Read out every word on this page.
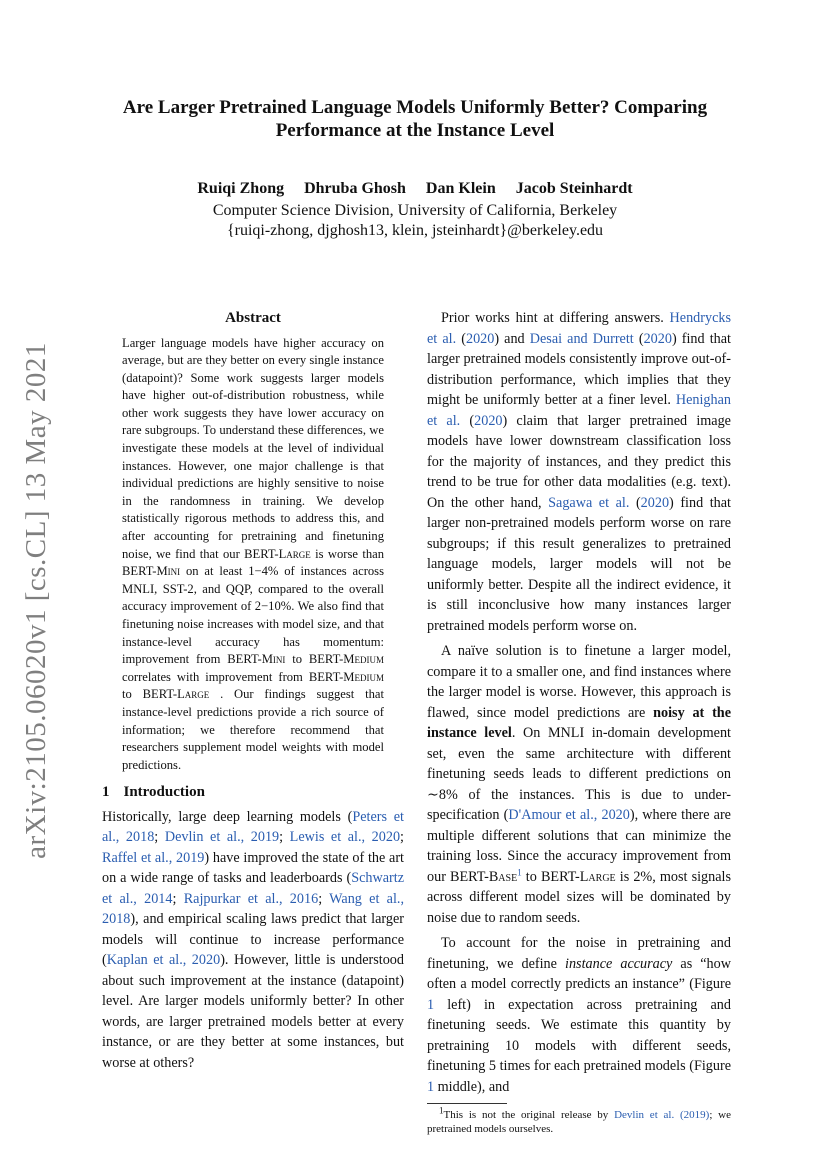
arXiv:2105.06020v1 [cs.CL] 13 May 2021
Are Larger Pretrained Language Models Uniformly Better? Comparing Performance at the Instance Level
Ruiqi Zhong Dhruba Ghosh Dan Klein Jacob Steinhardt
Computer Science Division, University of California, Berkeley
{ruiqi-zhong, djghosh13, klein, jsteinhardt}@berkeley.edu
Abstract
Larger language models have higher accuracy on average, but are they better on every single instance (datapoint)? Some work suggests larger models have higher out-of-distribution robustness, while other work suggests they have lower accuracy on rare subgroups. To understand these differences, we investigate these models at the level of individual instances. However, one major challenge is that individual predictions are highly sensitive to noise in the randomness in training. We develop statistically rigorous methods to address this, and after accounting for pretraining and finetuning noise, we find that our BERT-Large is worse than BERT-Mini on at least 1−4% of instances across MNLI, SST-2, and QQP, compared to the overall accuracy improvement of 2−10%. We also find that finetuning noise increases with model size, and that instance-level accuracy has momentum: improvement from BERT-Mini to BERT-Medium correlates with improvement from BERT-Medium to BERT-Large . Our findings suggest that instance-level predictions provide a rich source of information; we therefore recommend that researchers supplement model weights with model predictions.
1 Introduction

Historically, large deep learning models (Peters et al., 2018; Devlin et al., 2019; Lewis et al., 2020; Raffel et al., 2019) have improved the state of the art on a wide range of tasks and leaderboards (Schwartz et al., 2014; Rajpurkar et al., 2016; Wang et al., 2018), and empirical scaling laws predict that larger models will continue to increase performance (Kaplan et al., 2020). However, little is understood about such improvement at the instance (datapoint) level. Are larger models uniformly better? In other words, are larger pretrained models better at every instance, or are they better at some instances, but worse at others?

Prior works hint at differing answers. Hendrycks et al. (2020) and Desai and Durrett (2020) find that larger pretrained models consistently improve out-of-distribution performance, which implies that they might be uniformly better at a finer level. Henighan et al. (2020) claim that larger pretrained image models have lower downstream classification loss for the majority of instances, and they predict this trend to be true for other data modalities (e.g. text). On the other hand, Sagawa et al. (2020) find that larger non-pretrained models perform worse on rare subgroups; if this result generalizes to pretrained language models, larger models will not be uniformly better. Despite all the indirect evidence, it is still inconclusive how many instances larger pretrained models perform worse on.

A naïve solution is to finetune a larger model, compare it to a smaller one, and find instances where the larger model is worse. However, this approach is flawed, since model predictions are noisy at the instance level. On MNLI in-domain development set, even the same architecture with different finetuning seeds leads to different predictions on ∼8% of the instances. This is due to under-specification (D'Amour et al., 2020), where there are multiple different solutions that can minimize the training loss. Since the accuracy improvement from our BERT-Base$^1$ to BERT-Large is 2%, most signals across different model sizes will be dominated by noise due to random seeds.

To account for the noise in pretraining and finetuning, we define instance accuracy as “how often a model correctly predicts an instance” (Figure 1 left) in expectation across pretraining and finetuning seeds. We estimate this quantity by pretraining 10 models with different seeds, finetuning 5 times for each pretrained models (Figure 1 middle), and

$^1$This is not the original release by Devlin et al. (2019); we pretrained models ourselves.
